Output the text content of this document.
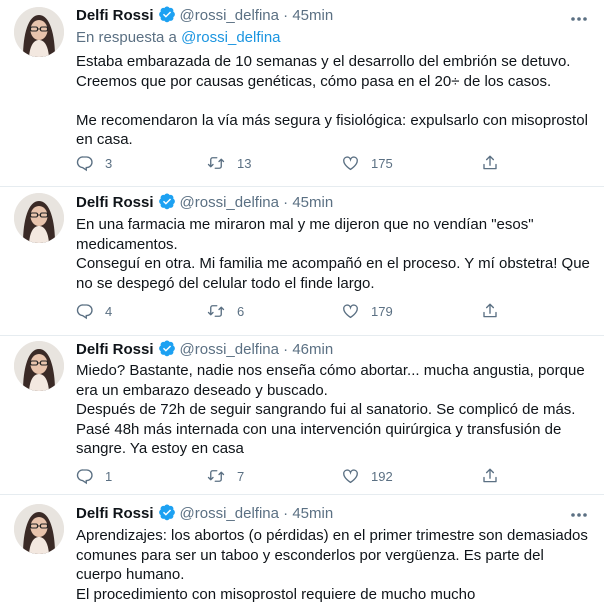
Delfi Rossi @rossi_delfina · 45min
En respuesta a @rossi_delfina

Estaba embarazada de 10 semanas y el desarrollo del embrión se detuvo.

Creemos que por causas genéticas, cómo pasa en el 20÷ de los casos.

Me recomendaron la vía más segura y fisiológica: expulsarlo con misoprostol

en casa.

3	13	175
Delfi Rossi @rossi_delfina · 45min

En una farmacia me miraron mal y me dijeron que no vendían "esos"

medicamentos.

Conseguí en otra. Mi familia me acompañó en el proceso. Y mí obstetra! Que

no se despegó del celular todo el finde largo.

4	6	179
Delfi Rossi @rossi_delfina · 46min

Miedo? Bastante, nadie nos enseña cómo abortar... mucha angustia, porque

era un embarazo deseado y buscado.

Después de 72h de seguir sangrando fui al sanatorio. Se complicó de más.

Pasé 48h más internada con una intervención quirúrgica y transfusión de

sangre. Ya estoy en casa

1	7	192
Delfi Rossi @rossi_delfina · 45min

Aprendizajes: los abortos (o pérdidas) en el primer trimestre son demasiados

comunes para ser un taboo y esconderlos por vergüenza. Es parte del

cuerpo humano.

El procedimiento con misoprostol requiere de mucho mucho
